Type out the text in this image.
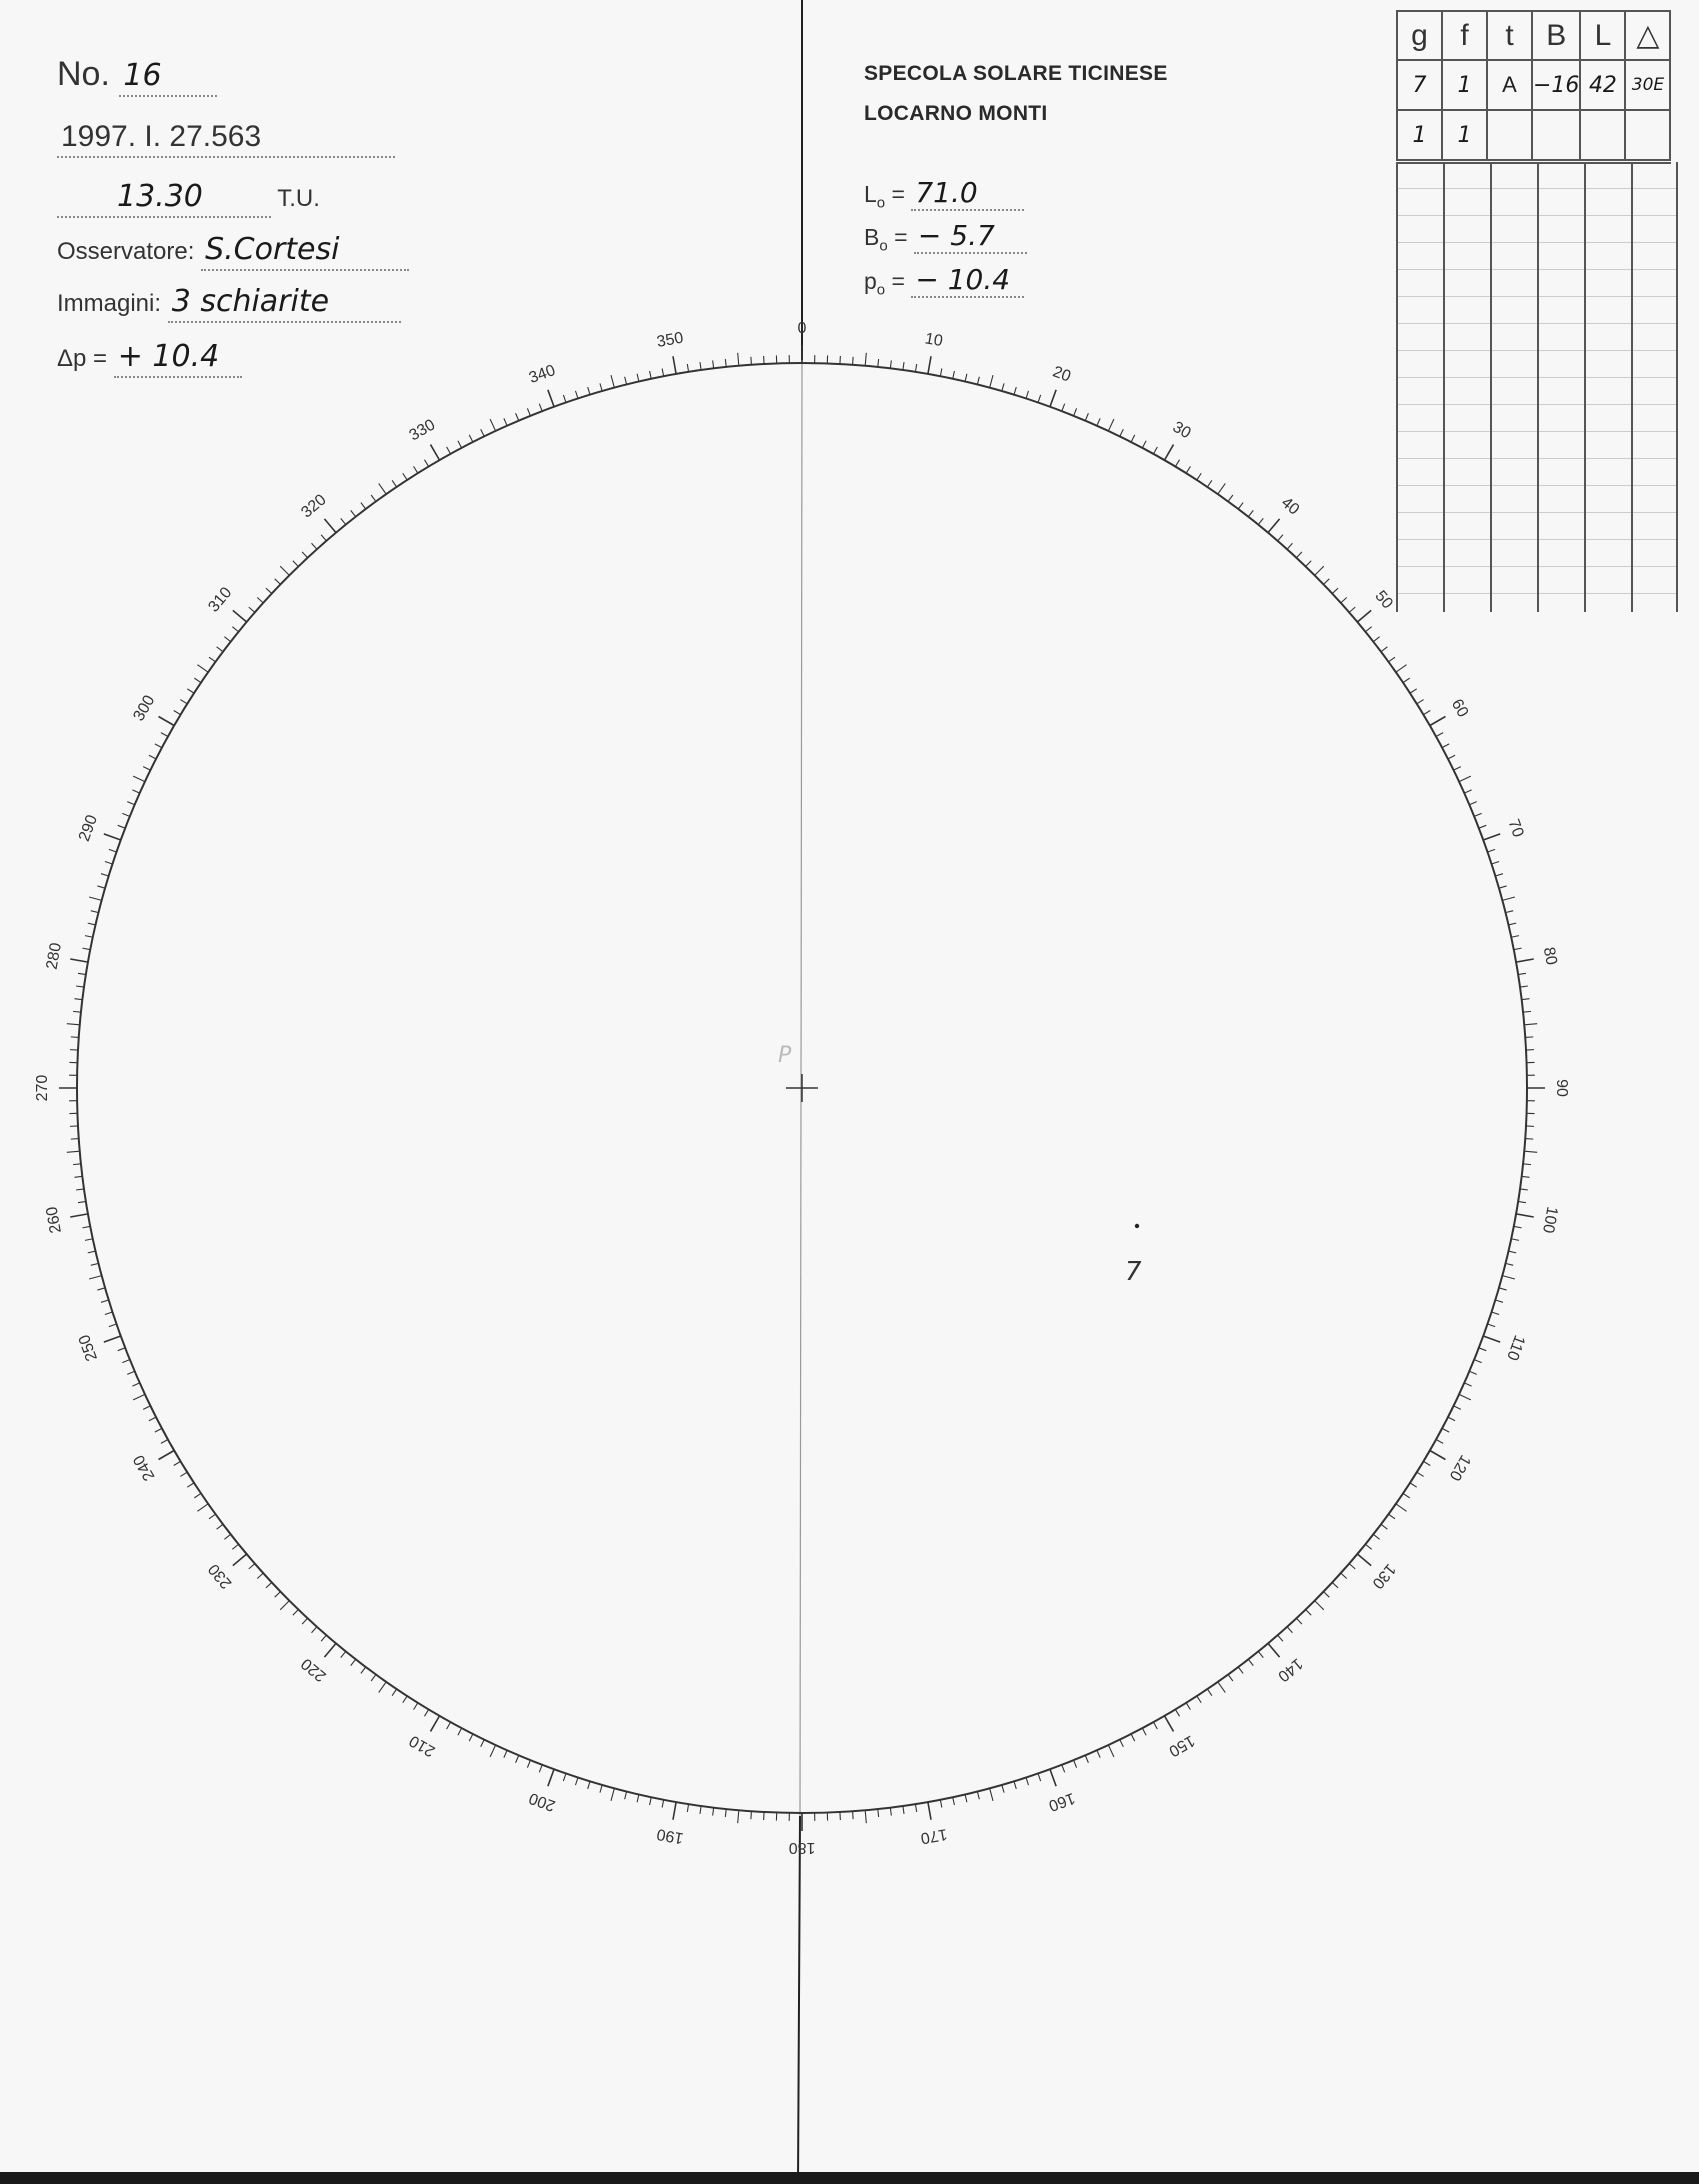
No. 16
1997. I. 27.563
13.30	T.U.
Osservatore: S.Cortesi
Immagini: 3 schiarite
Δp = + 10.4
SPECOLA SOLARE TICINESE
LOCARNO MONTI
$L_o = 71.0$
$B_o$ = − 5.7
$p_o$ = − 10.4
0
10
20
30
40
50
60
70
80
90
100
110
120
130
140
150
160
170
180
190
200
210
220
230
240
250
260
270
280
290
300
310
320
330
340
350
P
7
g	f	t	B	L	△
7	1	A	−16	42	30E
1	1				
